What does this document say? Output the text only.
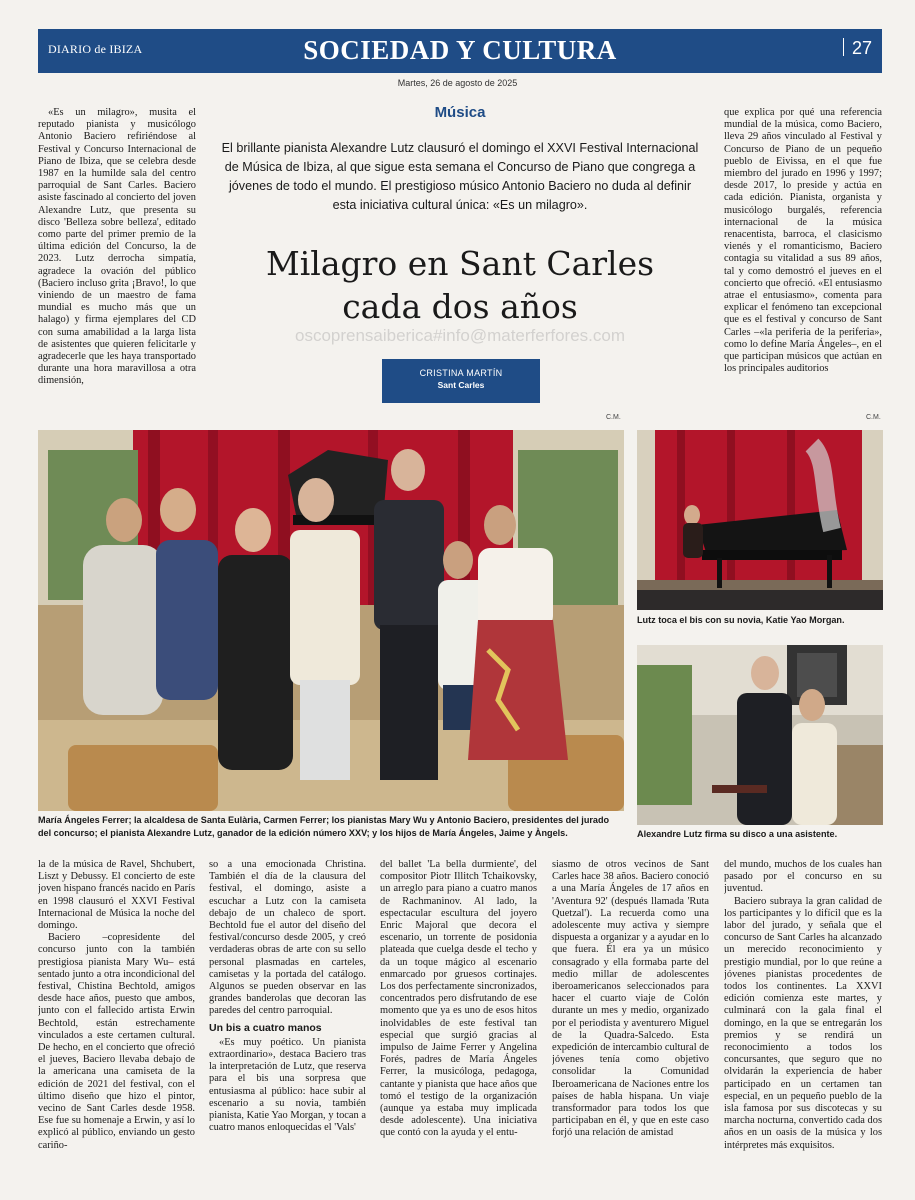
DIARIO de IBIZA	SOCIEDAD Y CULTURA	27
Martes, 26 de agosto de 2025

«Es un milagro», musita el reputado pianista y musicólogo Antonio Baciero refiriéndose al Festival y Concurso Internacional de Piano de Ibiza, que se celebra desde 1987 en la humilde sala del centro parroquial de Sant Carles. Baciero asiste fascinado al concierto del joven Alexandre Lutz, que presenta su disco 'Belleza sobre belleza', editado como parte del primer premio de la última edición del Concurso, la de 2023. Lutz derrocha simpatía, agradece la ovación del público (Baciero incluso grita ¡Bravo!, lo que viniendo de un maestro de fama mundial es mucho más que un halago) y firma ejemplares del CD con suma amabilidad a la larga lista de asistentes que quieren felicitarle y agradecerle que les haya transportado durante una hora maravillosa a otra dimensión,

Música
El brillante pianista Alexandre Lutz clausuró el domingo el XXVI Festival Internacional de Música de Ibiza, al que sigue esta semana el Concurso de Piano que congrega a jóvenes de todo el mundo. El prestigioso músico Antonio Baciero no duda al definir esta iniciativa cultural única: «Es un milagro».
Milagro en Sant Carles
cada dos años
oscoprensaiberica#info@materferfores.com
CRISTINA MARTÍN
Sant Carles

que explica por qué una referencia mundial de la música, como Baciero, lleva 29 años vinculado al Festival y Concurso de Piano de un pequeño pueblo de Eivissa, en el que fue miembro del jurado en 1996 y 1997; desde 2017, lo preside y actúa en cada edición. Pianista, organista y musicólogo burgalés, referencia internacional de la música renacentista, barroca, el clasicismo vienés y el romanticismo, Baciero contagia su vitalidad a sus 89 años, tal y como demostró el jueves en el concierto que ofreció. «El entusiasmo atrae el entusiasmo», comenta para explicar el fenómeno tan excepcional que es el festival y concurso de Sant Carles –«la periferia de la periferia», como lo define María Ángeles–, en el que participan músicos que actúan en los principales auditorios

C.M.	C.M.
Lutz toca el bis con su novia, Katie Yao Morgan.
Alexandre Lutz firma su disco a una asistente.
María Ángeles Ferrer; la alcaldesa de Santa Eulària, Carmen Ferrer; los pianistas Mary Wu y Antonio Baciero, presidentes del jurado del concurso; el pianista Alexandre Lutz, ganador de la edición número XXV; y los hijos de María Ángeles, Jaime y Àngels.

la de la música de Ravel, Shchubert, Liszt y Debussy. El concierto de este joven hispano francés nacido en París en 1998 clausuró el XXVI Festival Internacional de Música la noche del domingo.

Baciero –copresidente del concurso junto con la también prestigiosa pianista Mary Wu– está sentado junto a otra incondicional del festival, Chistina Bechtold, amigos desde hace años, puesto que ambos, junto con el fallecido artista Erwin Bechtold, están estrechamente vinculados a este certamen cultural. De hecho, en el concierto que ofreció el jueves, Baciero llevaba debajo de la americana una camiseta de la edición de 2021 del festival, con el último diseño que hizo el pintor, vecino de Sant Carles desde 1958. Ese fue su homenaje a Erwin, y así lo explicó al público, enviando un gesto cariño-

so a una emocionada Christina. También el día de la clausura del festival, el domingo, asiste a escuchar a Lutz con la camiseta debajo de un chaleco de sport. Bechtold fue el autor del diseño del festival/concurso desde 2005, y creó verdaderas obras de arte con su sello personal plasmadas en carteles, camisetas y la portada del catálogo. Algunos se pueden observar en las grandes banderolas que decoran las paredes del centro parroquial.

Un bis a cuatro manos

«Es muy poético. Un pianista extraordinario», destaca Baciero tras la interpretación de Lutz, que reserva para el bis una sorpresa que entusiasma al público: hace subir al escenario a su novia, también pianista, Katie Yao Morgan, y tocan a cuatro manos enloquecidas el 'Vals'

del ballet 'La bella durmiente', del compositor Piotr Illitch Tchaikovsky, un arreglo para piano a cuatro manos de Rachmaninov. Al lado, la espectacular escultura del joyero Enric Majoral que decora el escenario, un torrente de posidonia plateada que cuelga desde el techo y da un toque mágico al escenario enmarcado por gruesos cortinajes. Los dos perfectamente sincronizados, concentrados pero disfrutando de ese momento que ya es uno de esos hitos inolvidables de este festival tan especial que surgió gracias al impulso de Jaime Ferrer y Angelina Forés, padres de María Ángeles Ferrer, la musicóloga, pedagoga, cantante y pianista que hace años que tomó el testigo de la organización (aunque ya estaba muy implicada desde adolescente). Una iniciativa que contó con la ayuda y el entu-

siasmo de otros vecinos de Sant Carles hace 38 años. Baciero conoció a una María Ángeles de 17 años en 'Aventura 92' (después llamada 'Ruta Quetzal'). La recuerda como una adolescente muy activa y siempre dispuesta a organizar y a ayudar en lo que fuera. Él era ya un músico consagrado y ella formaba parte del medio millar de adolescentes iberoamericanos seleccionados para hacer el cuarto viaje de Colón durante un mes y medio, organizado por el periodista y aventurero Miguel de la Quadra-Salcedo. Esta expedición de intercambio cultural de jóvenes tenía como objetivo consolidar la Comunidad Iberoamericana de Naciones entre los países de habla hispana. Un viaje transformador para todos los que participaban en él, y que en este caso forjó una relación de amistad

del mundo, muchos de los cuales han pasado por el concurso en su juventud.

Baciero subraya la gran calidad de los participantes y lo difícil que es la labor del jurado, y señala que el concurso de Sant Carles ha alcanzado un merecido reconocimiento y prestigio mundial, por lo que reúne a jóvenes pianistas procedentes de todos los continentes. La XXVI edición comienza este martes, y culminará con la gala final el domingo, en la que se entregarán los premios y se rendirá un reconocimiento a todos los concursantes, que seguro que no olvidarán la experiencia de haber participado en un certamen tan especial, en un pequeño pueblo de la isla famosa por sus discotecas y su marcha nocturna, convertido cada dos años en un oasis de la música y los intérpretes más exquisitos.
